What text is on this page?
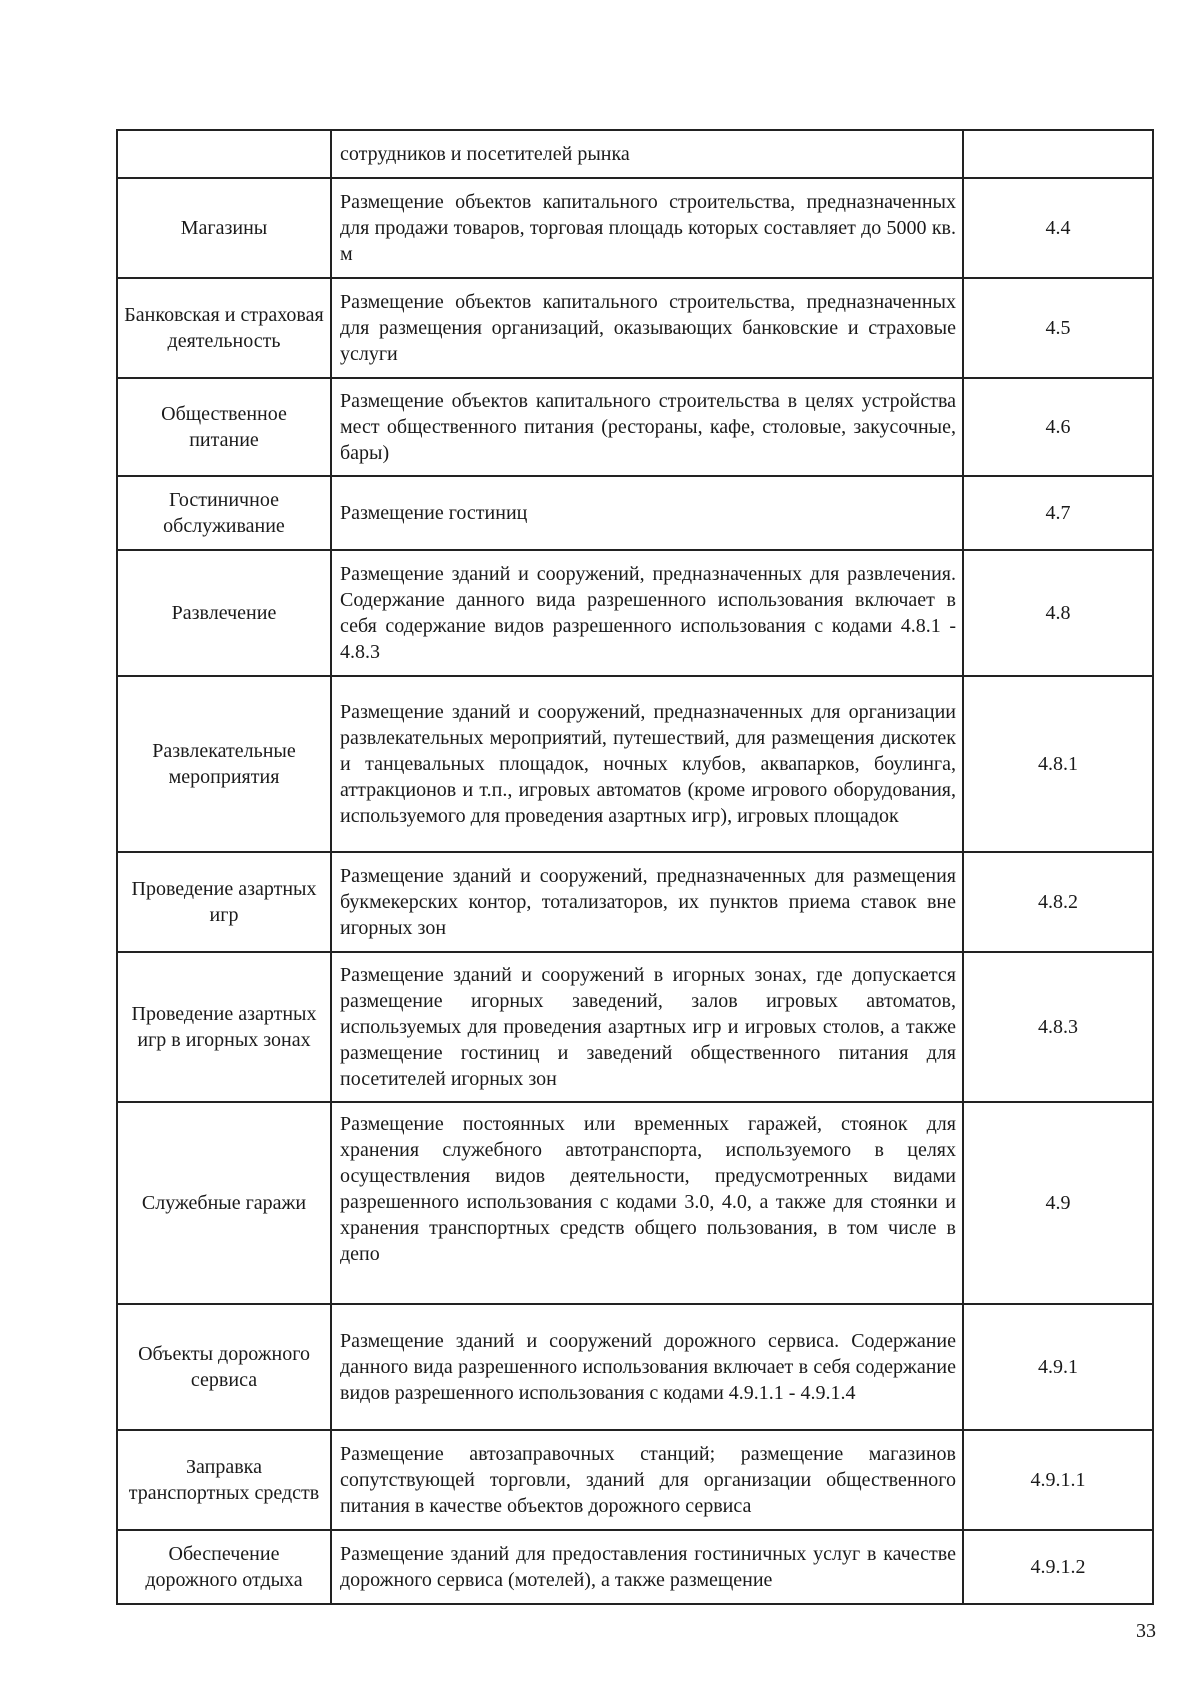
	сотрудников и посетителей рынка	
Магазины	Размещение объектов капитального строительства, предназначенных для продажи товаров, торговая площадь которых составляет до 5000 кв. м	4.4
Банковская и страховая деятельность	Размещение объектов капитального строительства, предназначенных для размещения организаций, оказывающих банковские и страховые услуги	4.5
Общественное питание	Размещение объектов капитального строительства в целях устройства мест общественного питания (рестораны, кафе, столовые, закусочные, бары)	4.6
Гостиничное обслуживание	Размещение гостиниц	4.7
Развлечение	Размещение зданий и сооружений, предназначенных для развлечения. Содержание данного вида разрешенного использования включает в себя содержание видов разрешенного использования с кодами 4.8.1 - 4.8.3	4.8
Развлекательные мероприятия	Размещение зданий и сооружений, предназначенных для организации развлекательных мероприятий, путешествий, для размещения дискотек и танцевальных площадок, ночных клубов, аквапарков, боулинга, аттракционов и т.п., игровых автоматов (кроме игрового оборудования, используемого для проведения азартных игр), игровых площадок	4.8.1
Проведение азартных игр	Размещение зданий и сооружений, предназначенных для размещения букмекерских контор, тотализаторов, их пунктов приема ставок вне игорных зон	4.8.2
Проведение азартных игр в игорных зонах	Размещение зданий и сооружений в игорных зонах, где допускается размещение игорных заведений, залов игровых автоматов, используемых для проведения азартных игр и игровых столов, а также размещение гостиниц и заведений общественного питания для посетителей игорных зон	4.8.3
Служебные гаражи	Размещение постоянных или временных гаражей, стоянок для хранения служебного автотранспорта, используемого в целях осуществления видов деятельности, предусмотренных видами разрешенного использования с кодами 3.0, 4.0, а также для стоянки и хранения транспортных средств общего пользования, в том числе в депо	4.9
Объекты дорожного сервиса	Размещение зданий и сооружений дорожного сервиса. Содержание данного вида разрешенного использования включает в себя содержание видов разрешенного использования с кодами 4.9.1.1 - 4.9.1.4	4.9.1
Заправка транспортных средств	Размещение автозаправочных станций; размещение магазинов сопутствующей торговли, зданий для организации общественного питания в качестве объектов дорожного сервиса	4.9.1.1
Обеспечение дорожного отдыха	Размещение зданий для предоставления гостиничных услуг в качестве дорожного сервиса (мотелей), а также размещение	4.9.1.2
33
